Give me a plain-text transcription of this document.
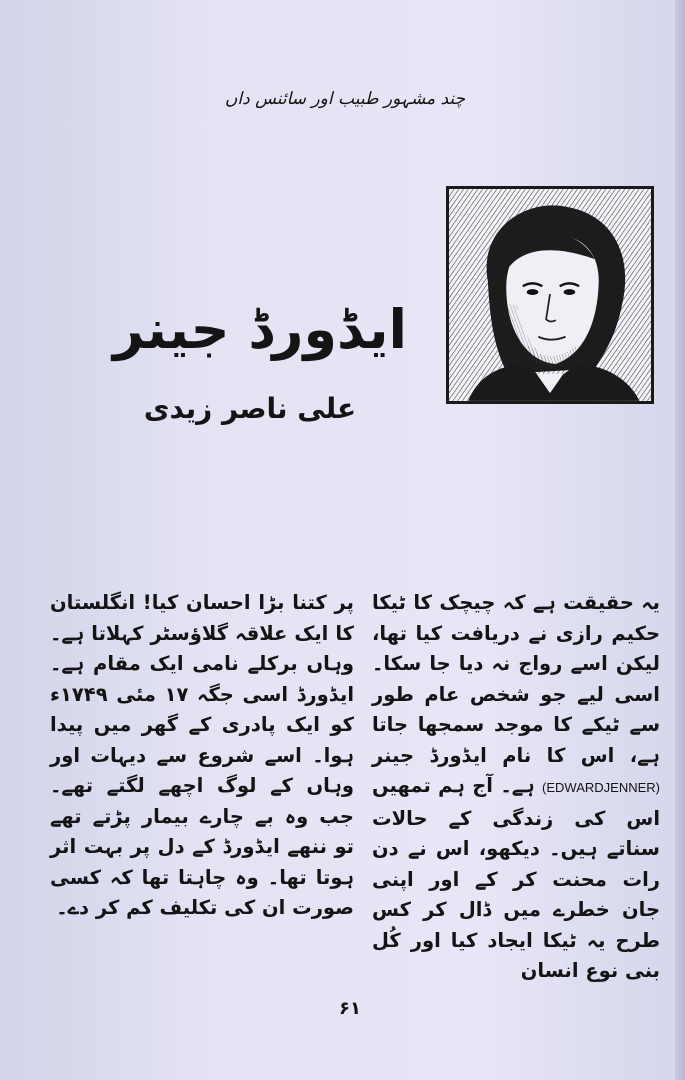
چند مشہور طبیب اور سائنس داں
ایڈورڈ جینر
علی ناصر زیدی

یہ حقیقت ہے کہ چیچک کا ٹیکا حکیم رازی نے دریافت کیا تھا، لیکن اسے رواج نہ دیا جا سکا۔ اسی لیے جو شخص عام طور سے ٹیکے کا موجد سمجھا جاتا ہے، اس کا نام ایڈورڈ جینر (EDWARDJENNER) ہے۔ آج ہم تمھیں اس کی زندگی کے حالات سناتے ہیں۔ دیکھو، اس نے دن رات محنت کر کے اور اپنی جان خطرے میں ڈال کر کس طرح یہ ٹیکا ایجاد کیا اور کُل بنی نوع انسان

پر کتنا بڑا احسان کیا! انگلستان کا ایک علاقہ گلاؤسٹر کہلاتا ہے۔ وہاں برکلے نامی ایک مقام ہے۔ ایڈورڈ اسی جگہ ۱۷ مئی ۱۷۴۹ء کو ایک پادری کے گھر میں پیدا ہوا۔ اسے شروع سے دیہات اور وہاں کے لوگ اچھے لگتے تھے۔ جب وہ بے چارے بیمار پڑتے تھے تو ننھے ایڈورڈ کے دل پر بہت اثر ہوتا تھا۔ وہ چاہتا تھا کہ کسی صورت ان کی تکلیف کم کر دے۔

۶۱
